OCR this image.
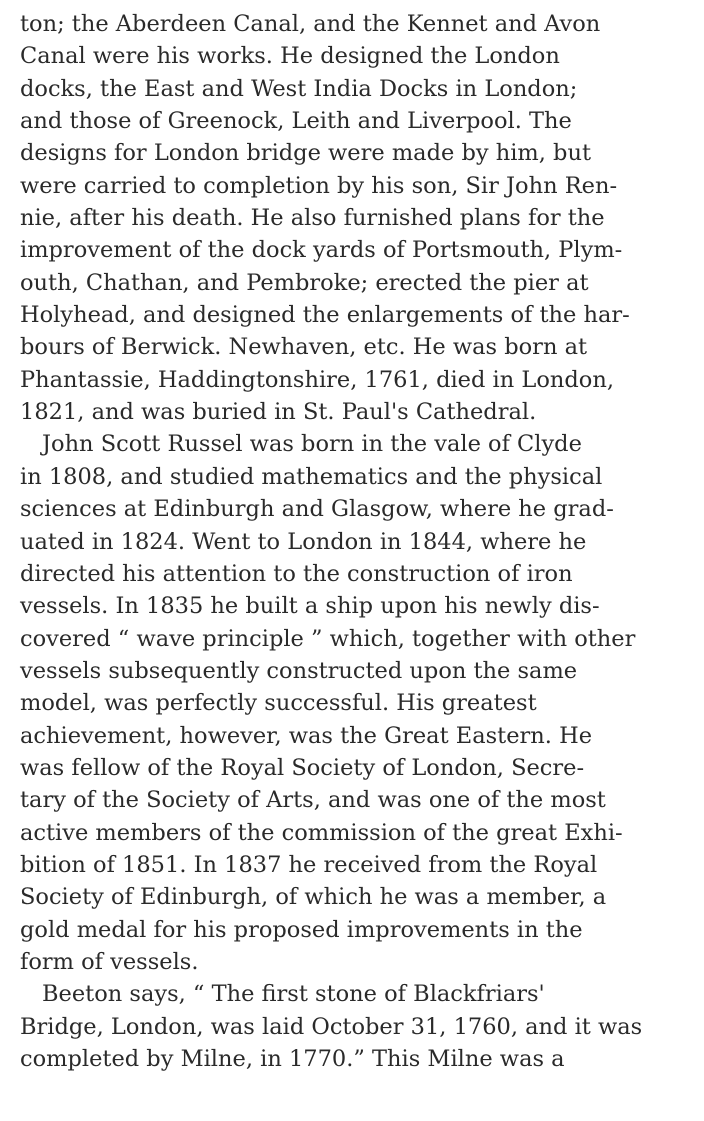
ton; the Aberdeen Canal, and the Kennet and Avon
Canal were his works. He designed the London
docks, the East and West India Docks in London;
and those of Greenock, Leith and Liverpool. The
designs for London bridge were made by him, but
were carried to completion by his son, Sir John Ren-
nie, after his death. He also furnished plans for the
improvement of the dock yards of Portsmouth, Plym-
outh, Chathan, and Pembroke; erected the pier at
Holyhead, and designed the enlargements of the har-
bours of Berwick. Newhaven, etc. He was born at
Phantassie, Haddingtonshire, 1761, died in London,
1821, and was buried in St. Paul's Cathedral.
John Scott Russel was born in the vale of Clyde
in 1808, and studied mathematics and the physical
sciences at Edinburgh and Glasgow, where he grad-
uated in 1824. Went to London in 1844, where he
directed his attention to the construction of iron
vessels. In 1835 he built a ship upon his newly dis-
covered “ wave principle ” which, together with other
vessels subsequently constructed upon the same
model, was perfectly successful. His greatest
achievement, however, was the Great Eastern. He
was fellow of the Royal Society of London, Secre-
tary of the Society of Arts, and was one of the most
active members of the commission of the great Exhi-
bition of 1851. In 1837 he received from the Royal
Society of Edinburgh, of which he was a member, a
gold medal for his proposed improvements in the
form of vessels.
Beeton says, “ The first stone of Blackfriars'
Bridge, London, was laid October 31, 1760, and it was
completed by Milne, in 1770.” This Milne was a
